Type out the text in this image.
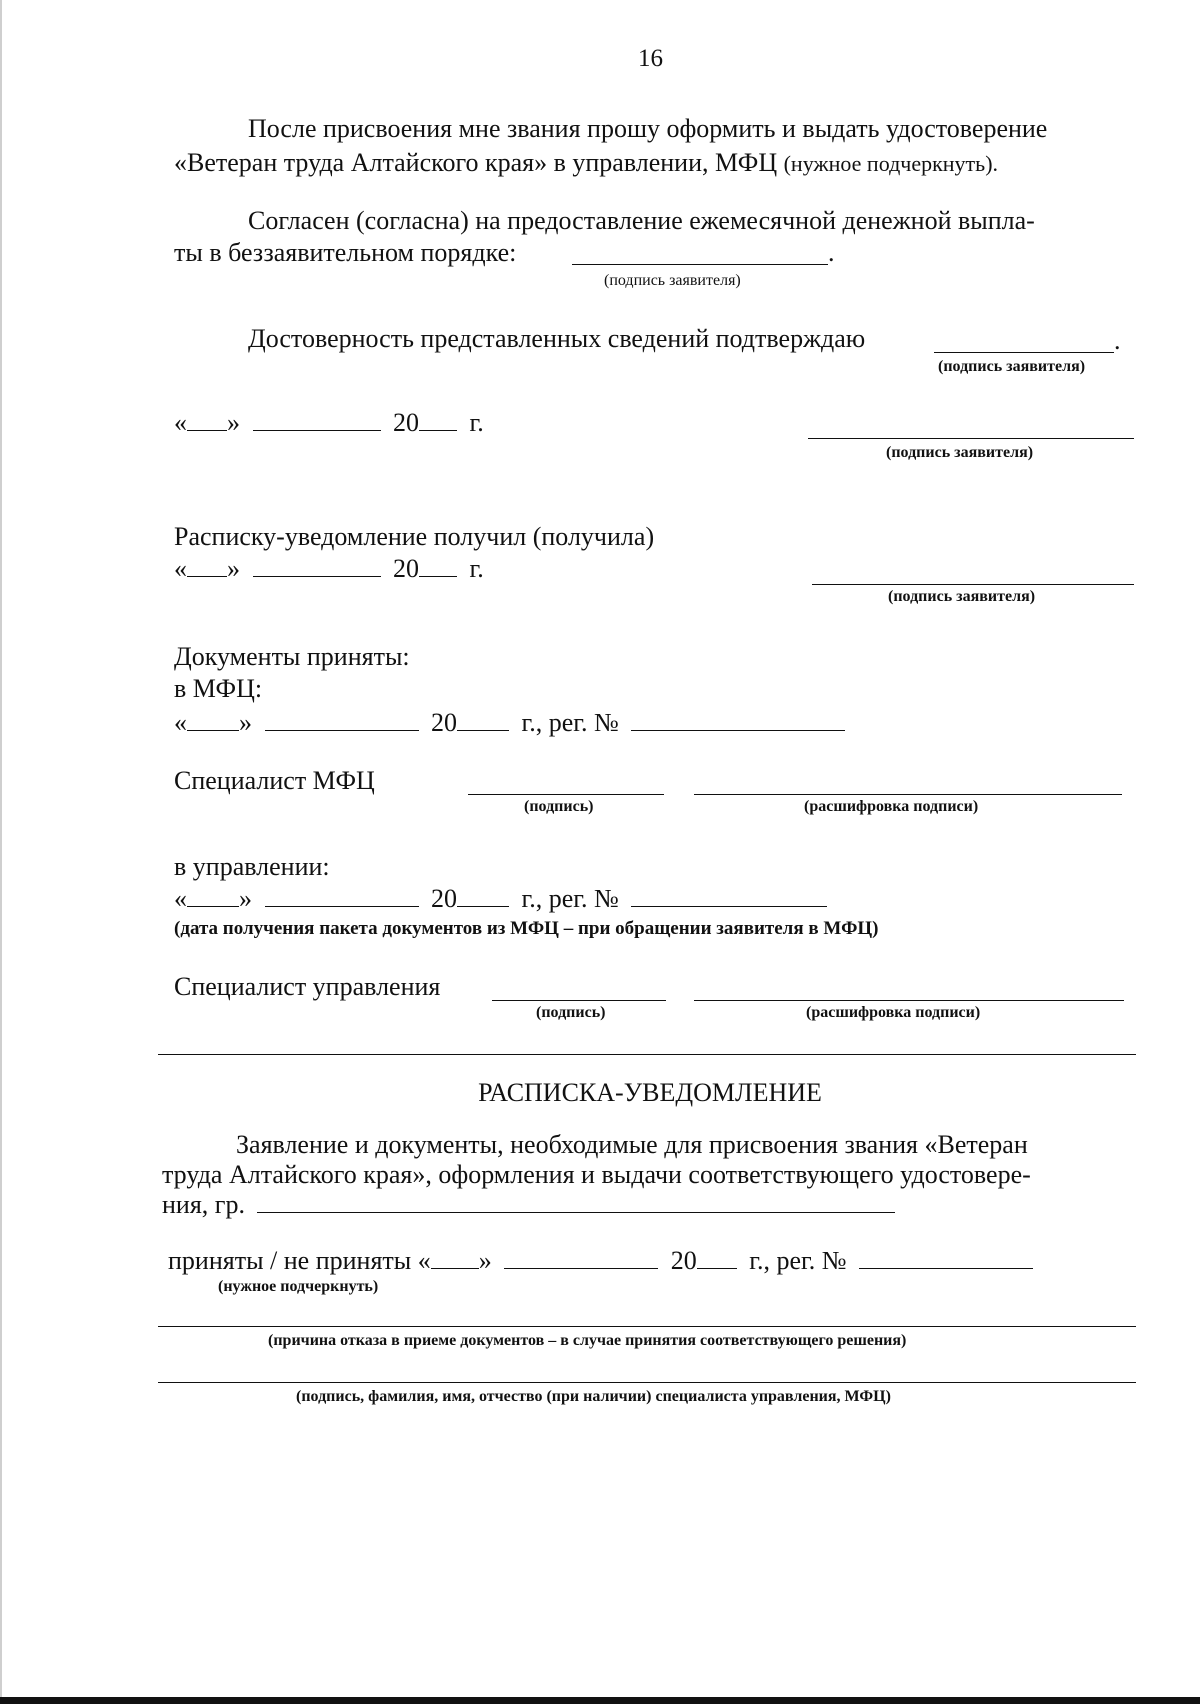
16
После присвоения мне звания прошу оформить и выдать удостоверение
«Ветеран труда Алтайского края» в управлении, МФЦ (нужное подчеркнуть).
Согласен (согласна) на предоставление ежемесячной денежной выпла-
ты в беззаявительном порядке:	.
(подпись заявителя)
Достоверность представленных сведений подтверждаю	.
(подпись заявителя)
« »	20 г.
(подпись заявителя)
Расписку-уведомление получил (получила)
« »	20 г.
(подпись заявителя)
Документы приняты:
в МФЦ:
« »	20 г., рег. №
Специалист МФЦ
(подпись)	(расшифровка подписи)
в управлении:
« »	20 г., рег. №
(дата получения пакета документов из МФЦ – при обращении заявителя в МФЦ)
Специалист управления
(подпись)	(расшифровка подписи)
РАСПИСКА-УВЕДОМЛЕНИЕ
Заявление и документы, необходимые для присвоения звания «Ветеран
труда Алтайского края», оформления и выдачи соответствующего удостовере-
ния, гр.
приняты / не приняты « »	20 г., рег. №
(нужное подчеркнуть)
(причина отказа в приеме документов – в случае принятия соответствующего решения)
(подпись, фамилия, имя, отчество (при наличии) специалиста управления, МФЦ)
